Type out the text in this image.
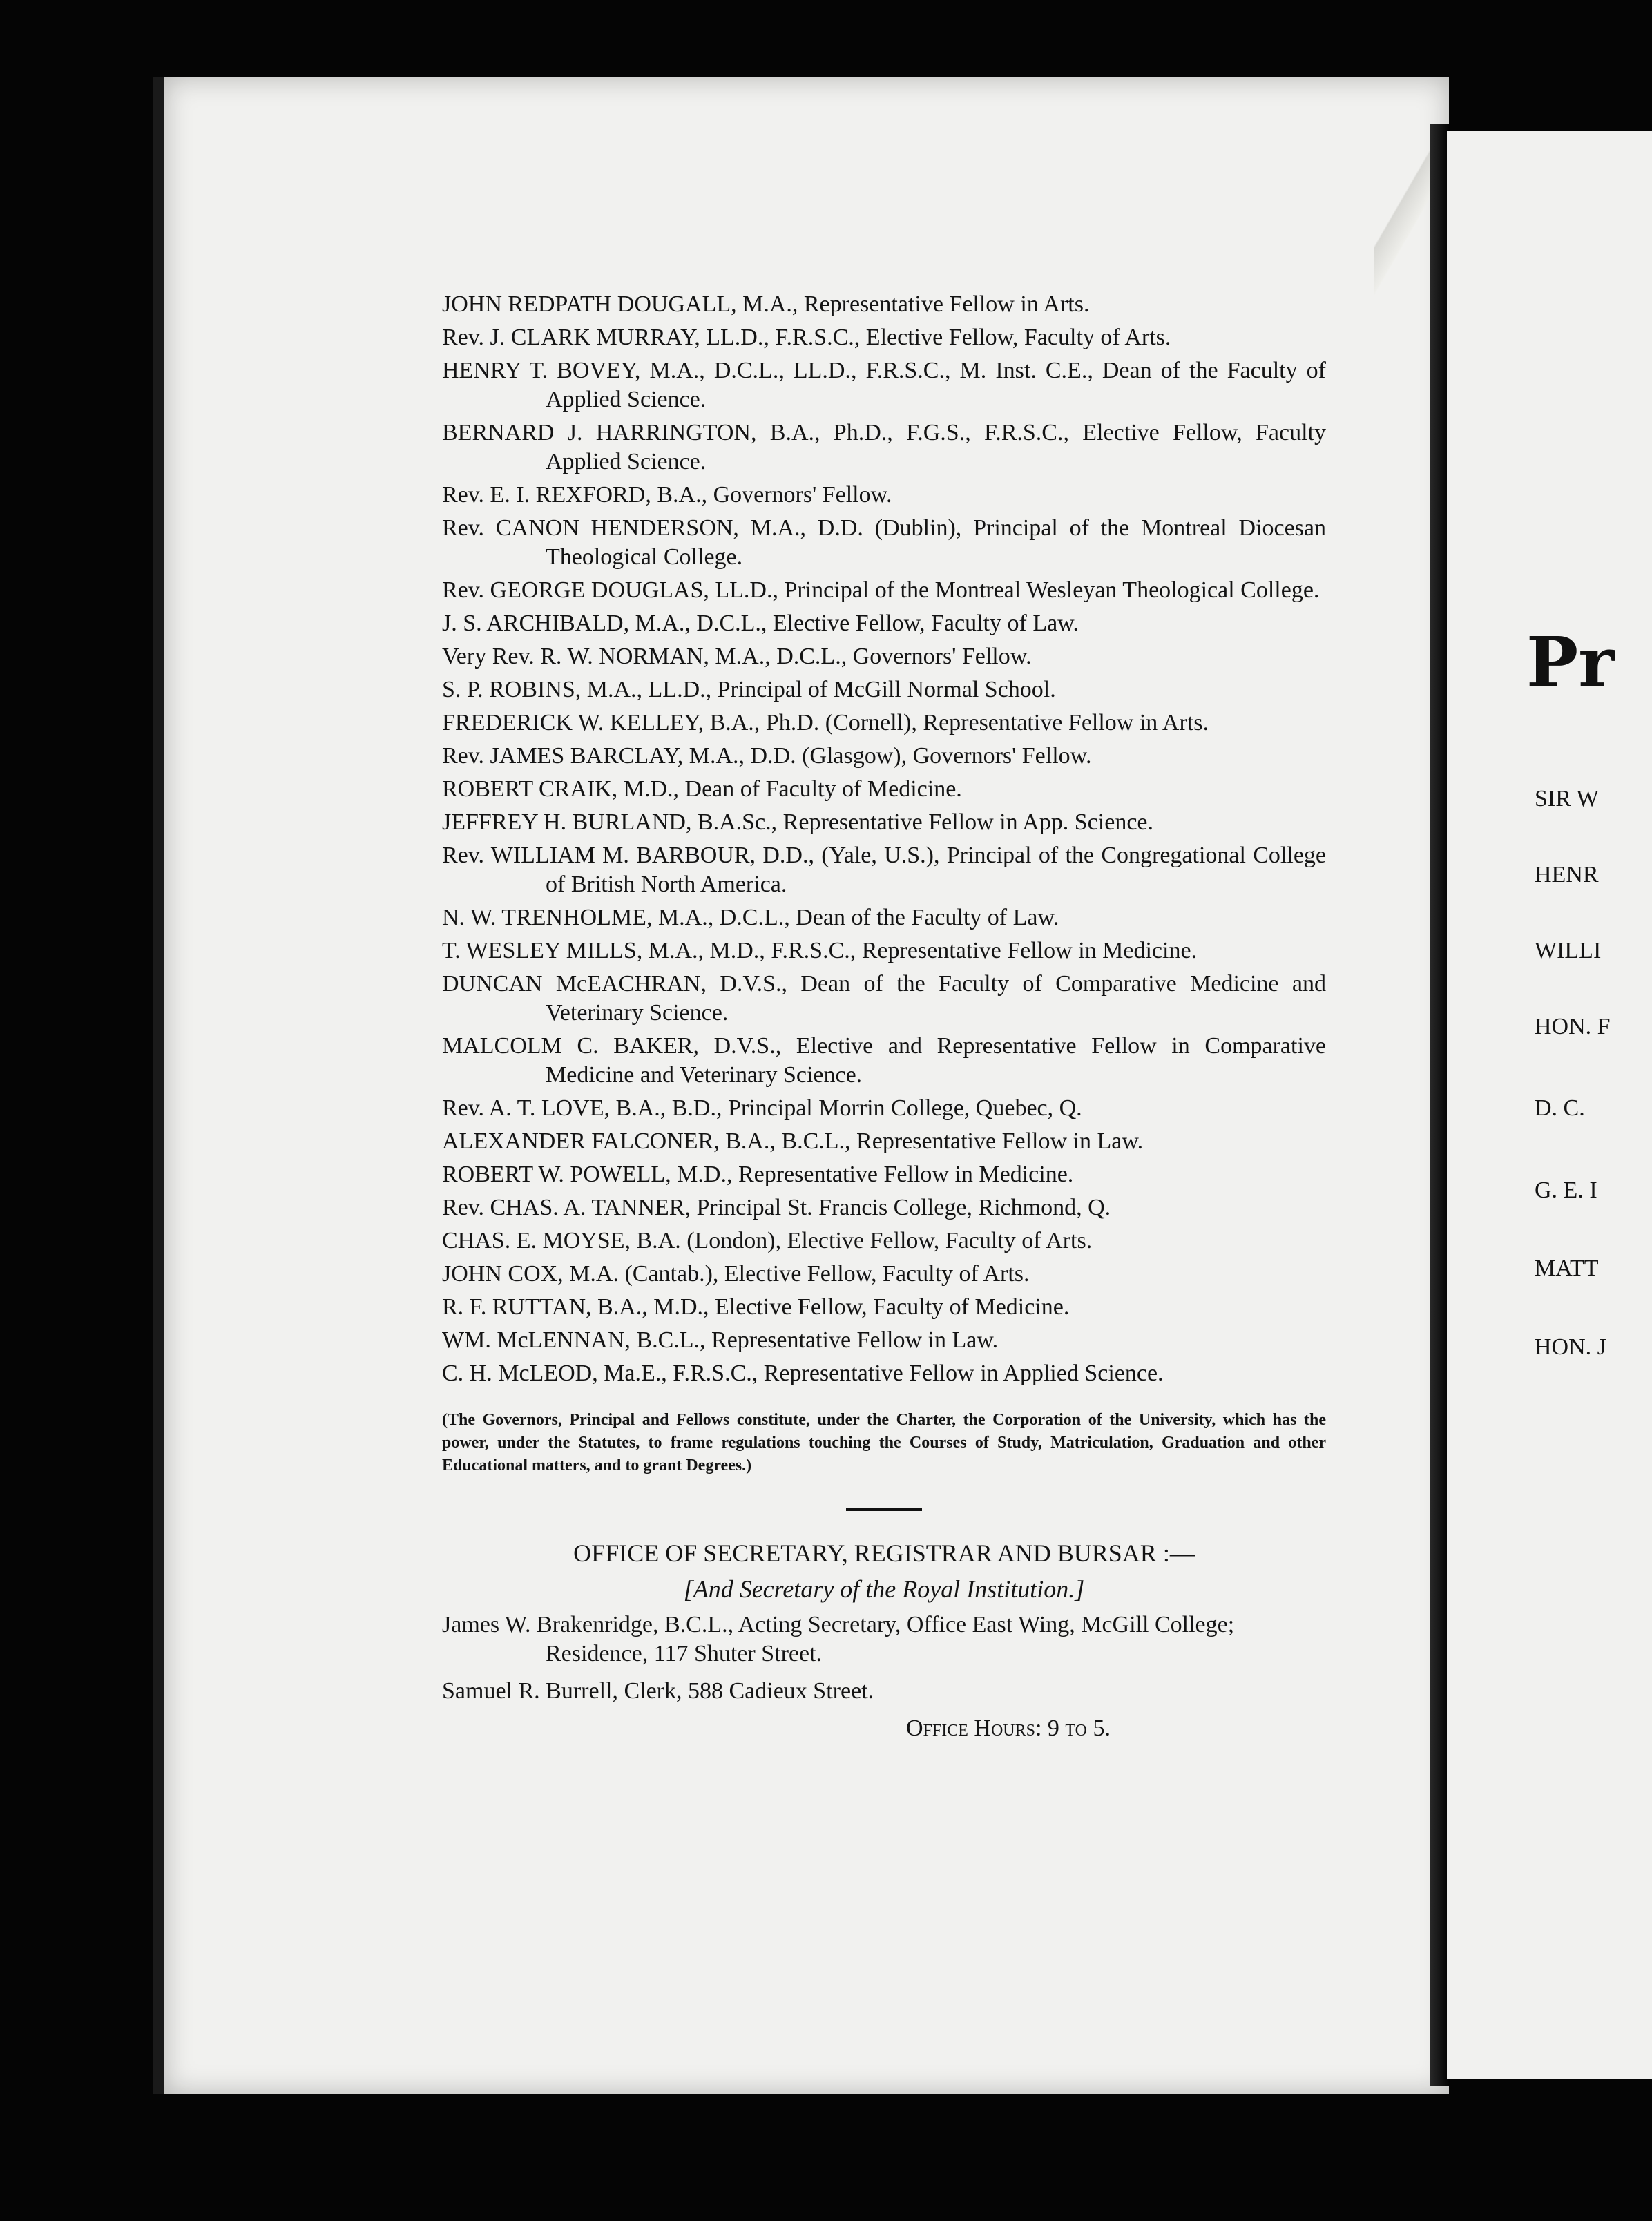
JOHN REDPATH DOUGALL, M.A., Representative Fellow in Arts.
Rev. J. CLARK MURRAY, LL.D., F.R.S.C., Elective Fellow, Faculty of Arts.
HENRY T. BOVEY, M.A., D.C.L., LL.D., F.R.S.C., M. Inst. C.E., Dean of the Faculty of Applied Science.
BERNARD J. HARRINGTON, B.A., Ph.D., F.G.S., F.R.S.C., Elective Fellow, Faculty Applied Science.
Rev. E. I. REXFORD, B.A., Governors' Fellow.
Rev. CANON HENDERSON, M.A., D.D. (Dublin), Principal of the Montreal Diocesan Theological College.
Rev. GEORGE DOUGLAS, LL.D., Principal of the Montreal Wesleyan Theological College.
J. S. ARCHIBALD, M.A., D.C.L., Elective Fellow, Faculty of Law.
Very Rev. R. W. NORMAN, M.A., D.C.L., Governors' Fellow.
S. P. ROBINS, M.A., LL.D., Principal of McGill Normal School.
FREDERICK W. KELLEY, B.A., Ph.D. (Cornell), Representative Fellow in Arts.
Rev. JAMES BARCLAY, M.A., D.D. (Glasgow), Governors' Fellow.
ROBERT CRAIK, M.D., Dean of Faculty of Medicine.
JEFFREY H. BURLAND, B.A.Sc., Representative Fellow in App. Science.
Rev. WILLIAM M. BARBOUR, D.D., (Yale, U.S.), Principal of the Congregational College of British North America.
N. W. TRENHOLME, M.A., D.C.L., Dean of the Faculty of Law.
T. WESLEY MILLS, M.A., M.D., F.R.S.C., Representative Fellow in Medicine.
DUNCAN McEACHRAN, D.V.S., Dean of the Faculty of Comparative Medicine and Veterinary Science.
MALCOLM C. BAKER, D.V.S., Elective and Representative Fellow in Comparative Medicine and Veterinary Science.
Rev. A. T. LOVE, B.A., B.D., Principal Morrin College, Quebec, Q.
ALEXANDER FALCONER, B.A., B.C.L., Representative Fellow in Law.
ROBERT W. POWELL, M.D., Representative Fellow in Medicine.
Rev. CHAS. A. TANNER, Principal St. Francis College, Richmond, Q.
CHAS. E. MOYSE, B.A. (London), Elective Fellow, Faculty of Arts.
JOHN COX, M.A. (Cantab.), Elective Fellow, Faculty of Arts.
R. F. RUTTAN, B.A., M.D., Elective Fellow, Faculty of Medicine.
WM. McLENNAN, B.C.L., Representative Fellow in Law.
C. H. McLEOD, Ma.E., F.R.S.C., Representative Fellow in Applied Science.
(The Governors, Principal and Fellows constitute, under the Charter, the Corporation of the University, which has the power, under the Statutes, to frame regulations touching the Courses of Study, Matriculation, Graduation and other Educational matters, and to grant Degrees.)
OFFICE OF SECRETARY, REGISTRAR AND BURSAR :—
[And Secretary of the Royal Institution.]
James W. Brakenridge, B.C.L., Acting Secretary, Office East Wing, McGill College; Residence, 117 Shuter Street.
Samuel R. Burrell, Clerk, 588 Cadieux Street.
Office Hours: 9 to 5.
Pr
SIR W
HENR
WILLI
HON. F
D. C.
G. E. I
MATT
HON. J
